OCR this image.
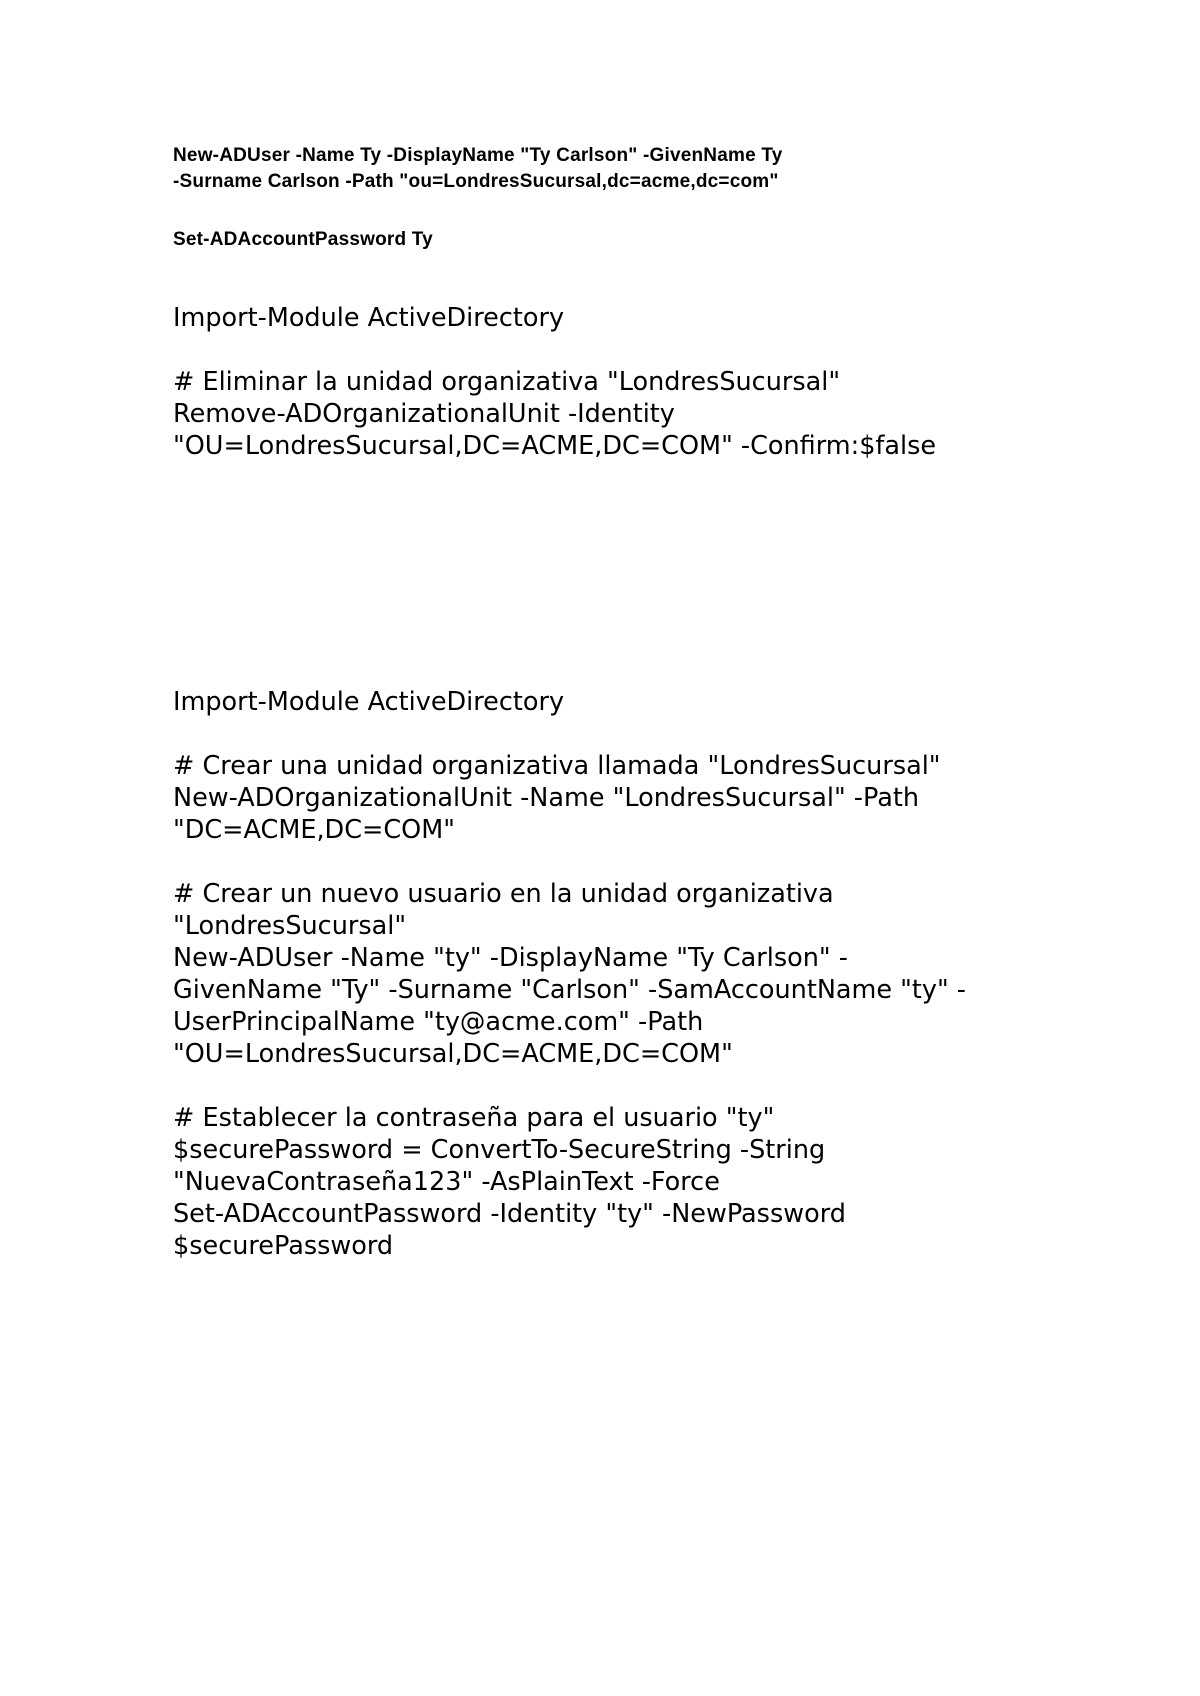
New-ADUser -Name Ty -DisplayName "Ty Carlson" -GivenName Ty

-Surname Carlson -Path "ou=LondresSucursal,dc=acme,dc=com"

Set-ADAccountPassword Ty

Import-Module ActiveDirectory

# Eliminar la unidad organizativa "LondresSucursal"

Remove-ADOrganizationalUnit -Identity

"OU=LondresSucursal,DC=ACME,DC=COM" -Confirm:$false

Import-Module ActiveDirectory

# Crear una unidad organizativa llamada "LondresSucursal"

New-ADOrganizationalUnit -Name "LondresSucursal" -Path

"DC=ACME,DC=COM"

# Crear un nuevo usuario en la unidad organizativa

"LondresSucursal"

New-ADUser -Name "ty" -DisplayName "Ty Carlson" -

GivenName "Ty" -Surname "Carlson" -SamAccountName "ty" -

UserPrincipalName "ty@acme.com" -Path

"OU=LondresSucursal,DC=ACME,DC=COM"

# Establecer la contraseña para el usuario "ty"

$securePassword = ConvertTo-SecureString -String

"NuevaContraseña123" -AsPlainText -Force

Set-ADAccountPassword -Identity "ty" -NewPassword

$securePassword
